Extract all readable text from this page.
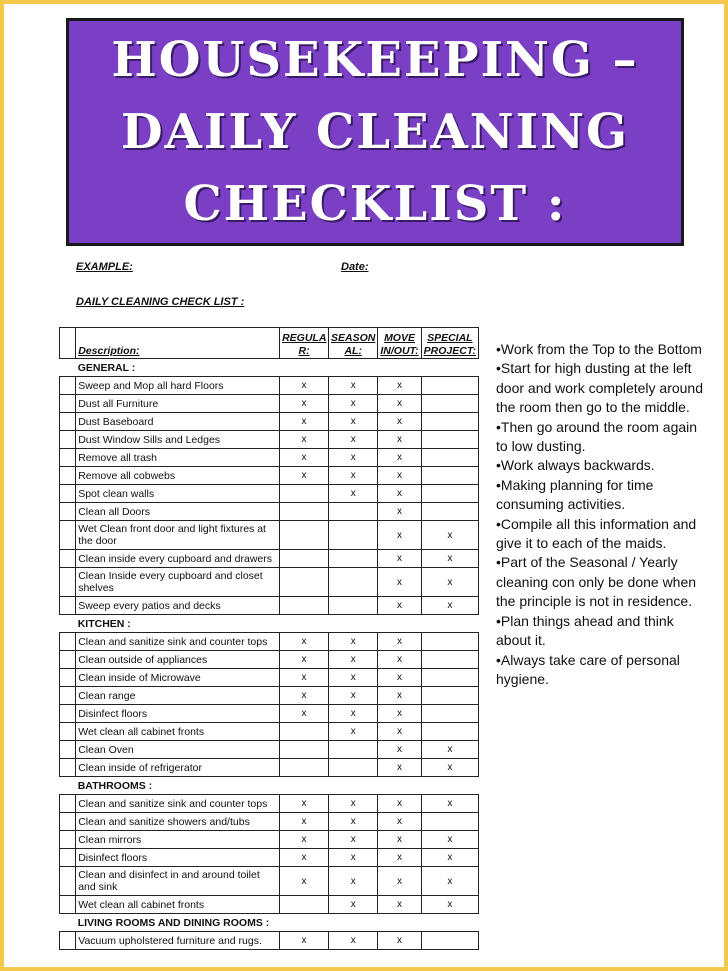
HOUSEKEEPING –
DAILY CLEANING
CHECKLIST :
EXAMPLE:	Date:
DAILY CLEANING CHECK LIST :
	Description:	REGULA R:	SEASON AL:	MOVE IN/OUT:	SPECIAL PROJECT:
	GENERAL :				
	Sweep and Mop all hard Floors	x	x	x	
	Dust all Furniture	x	x	x	
	Dust Baseboard	x	x	x	
	Dust Window Sills and Ledges	x	x	x	
	Remove all trash	x	x	x	
	Remove all cobwebs	x	x	x	
	Spot clean walls		x	x	
	Clean all Doors			x	
	Wet Clean front door and light fixtures at the door			x	x
	Clean inside every cupboard and drawers			x	x
	Clean Inside every cupboard and closet shelves			x	x
	Sweep every patios and decks			x	x
	KITCHEN :				
	Clean and sanitize sink and counter tops	x	x	x	
	Clean outside of appliances	x	x	x	
	Clean inside of Microwave	x	x	x	
	Clean range	x	x	x	
	Disinfect floors	x	x	x	
	Wet clean all cabinet fronts		x	x	
	Clean Oven			x	x
	Clean inside of refrigerator			x	x
	BATHROOMS :				
	Clean and sanitize sink and counter tops	x	x	x	x
	Clean and sanitize showers and/tubs	x	x	x	
	Clean mirrors	x	x	x	x
	Disinfect floors	x	x	x	x
	Clean and disinfect in and around toilet and sink	x	x	x	x
	Wet clean all cabinet fronts		x	x	x
	LIVING ROOMS AND DINING ROOMS :				
	Vacuum upholstered furniture and rugs.	x	x	x	

•Work from the Top to the Bottom

•Start for high dusting at the left door and work completely around the room then go to the middle.

•Then go around the room again to low dusting.

•Work always backwards.

•Making planning for time consuming activities.

•Compile all this information and give it to each of the maids.

•Part of the Seasonal / Yearly cleaning con only be done when the principle is not in residence.

•Plan things ahead and think about it.

•Always take care of personal hygiene.
